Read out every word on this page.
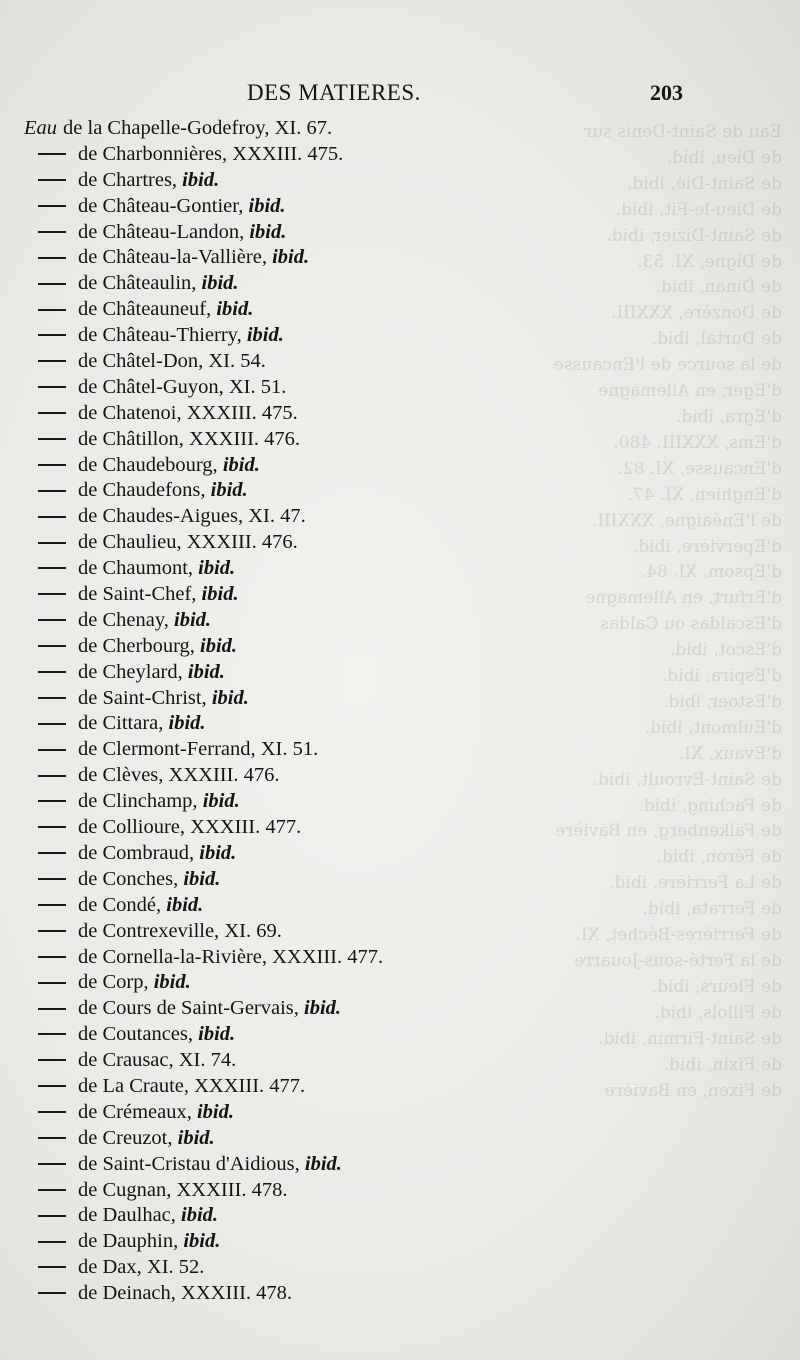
Eau de Saint-Denis sur
de Dieu, ibid.
de Saint-Dié, ibid.
de Dieu-le-Fit, ibid.
de Saint-Dizier, ibid.
de Digne, XI. 53.
de Dinan, ibid.
de Donzère, XXXIII.
de Durtal, ibid.
de la source de l'Encausse
d'Eger, en Allemagne
d'Egra, ibid.
d'Ems, XXXIII. 480.
d'Encausse, XI. 82.
d'Enghien, XI. 47.
de l'Enéaigne, XXXIII.
d'Epervière, ibid.
d'Epsom, XI. 84.
d'Erfurt, en Allemagne
d'Escaldas ou Caldas
d'Escot, ibid.
d'Espira, ibid.
d'Estoer, ibid.
d'Eulmont, ibid.
d'Evaux, XI.
de Saint-Evroult, ibid.
de Faching, ibid.
de Falkenberg, en Bavière
de Féron, ibid.
de La Ferrière, ibid.
de Ferrata, ibid.
de Ferrières-Béchet, XI.
de la Ferté-sous-Jouarre
de Fleurs, ibid.
de Fillols, ibid.
de Saint-Firmin, ibid.
de Fixin, ibid.
de Fixen, en Bavière
DES MATIERES.	203
Eau de la Chapelle-Godefroy, XI. 67.
de Charbonnières, XXXIII. 475.
de Chartres, ibid.
de Château-Gontier, ibid.
de Château-Landon, ibid.
de Château-la-Vallière, ibid.
de Châteaulin, ibid.
de Châteauneuf, ibid.
de Château-Thierry, ibid.
de Châtel-Don, XI. 54.
de Châtel-Guyon, XI. 51.
de Chatenoi, XXXIII. 475.
de Châtillon, XXXIII. 476.
de Chaudebourg, ibid.
de Chaudefons, ibid.
de Chaudes-Aigues, XI. 47.
de Chaulieu, XXXIII. 476.
de Chaumont, ibid.
de Saint-Chef, ibid.
de Chenay, ibid.
de Cherbourg, ibid.
de Cheylard, ibid.
de Saint-Christ, ibid.
de Cittara, ibid.
de Clermont-Ferrand, XI. 51.
de Clèves, XXXIII. 476.
de Clinchamp, ibid.
de Collioure, XXXIII. 477.
de Combraud, ibid.
de Conches, ibid.
de Condé, ibid.
de Contrexeville, XI. 69.
de Cornella-la-Rivière, XXXIII. 477.
de Corp, ibid.
de Cours de Saint-Gervais, ibid.
de Coutances, ibid.
de Crausac, XI. 74.
de La Craute, XXXIII. 477.
de Crémeaux, ibid.
de Creuzot, ibid.
de Saint-Cristau d'Aidious, ibid.
de Cugnan, XXXIII. 478.
de Daulhac, ibid.
de Dauphin, ibid.
de Dax, XI. 52.
de Deinach, XXXIII. 478.
